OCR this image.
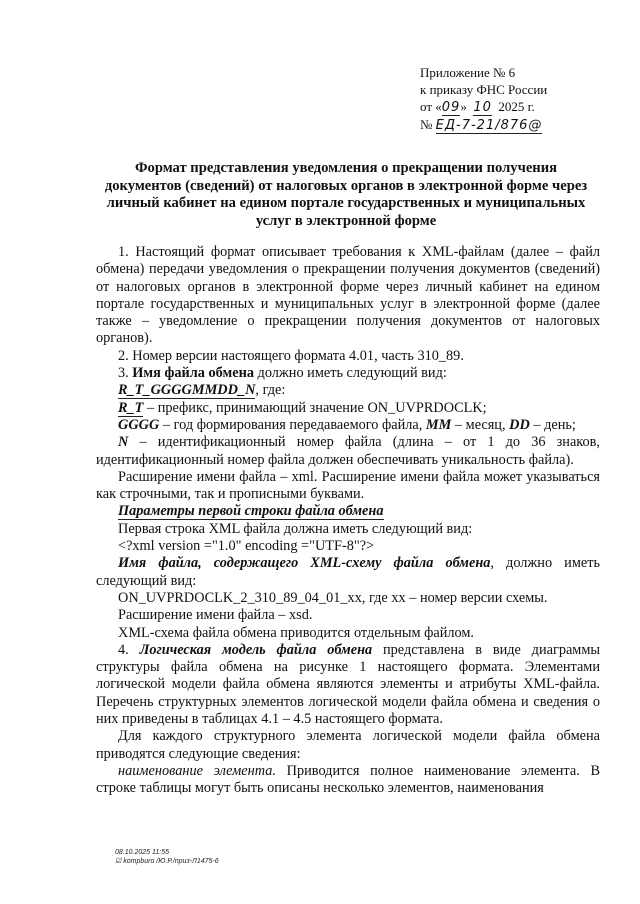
Приложение № 6
к приказу ФНС России
от «09» 10 2025 г.
№ ЕД-7-21/876@
Формат представления уведомления о прекращении получения документов (сведений) от налоговых органов в электронной форме через личный кабинет на едином портале государственных и муниципальных услуг в электронной форме

1. Настоящий формат описывает требования к XML-файлам (далее – файл обмена) передачи уведомления о прекращении получения документов (сведений) от налоговых органов в электронной форме через личный кабинет на едином портале государственных и муниципальных услуг в электронной форме (далее также – уведомление о прекращении получения документов от налоговых органов).

2. Номер версии настоящего формата 4.01, часть 310_89.

3. Имя файла обмена должно иметь следующий вид:

R_T_GGGGMMDD_N, где:

R_T – префикс, принимающий значение ON_UVPRDOCLK;

GGGG – год формирования передаваемого файла, MM – месяц, DD – день;

N – идентификационный номер файла (длина – от 1 до 36 знаков, идентификационный номер файла должен обеспечивать уникальность файла).

Расширение имени файла – xml. Расширение имени файла может указываться как строчными, так и прописными буквами.

Параметры первой строки файла обмена

Первая строка XML файла должна иметь следующий вид:

<?xml version ="1.0" encoding ="UTF-8"?>

Имя файла, содержащего XML-схему файла обмена, должно иметь следующий вид:

ON_UVPRDOCLK_2_310_89_04_01_xx, где xx – номер версии схемы.

Расширение имени файла – xsd.

XML-схема файла обмена приводится отдельным файлом.

4. Логическая модель файла обмена представлена в виде диаграммы структуры файла обмена на рисунке 1 настоящего формата. Элементами логической модели файла обмена являются элементы и атрибуты XML-файла. Перечень структурных элементов логической модели файла обмена и сведения о них приведены в таблицах 4.1 – 4.5 настоящего формата.

Для каждого структурного элемента логической модели файла обмена приводятся следующие сведения:

наименование элемента. Приводится полное наименование элемента. В строке таблицы могут быть описаны несколько элементов, наименования

08.10.2025 11:55
☑ kompburo /Ю.Р./приз-Л1475-6
